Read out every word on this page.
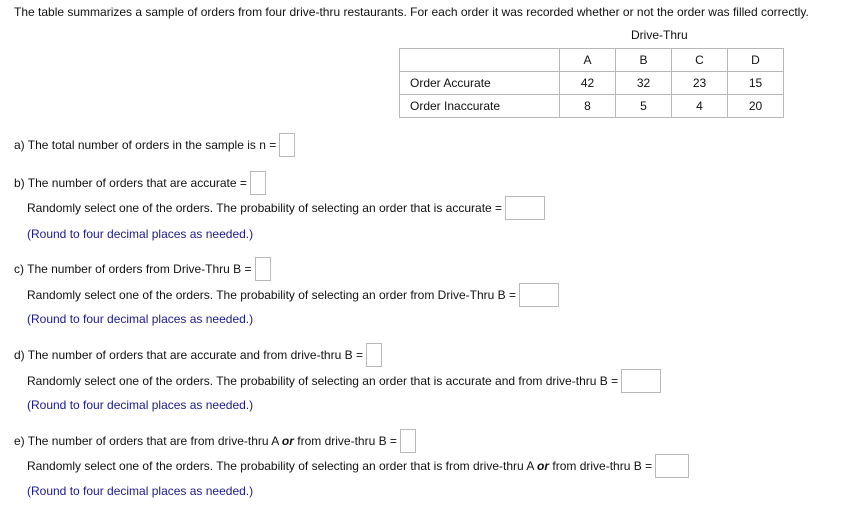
The table summarizes a sample of orders from four drive-thru restaurants. For each order it was recorded whether or not the order was filled correctly.
Drive-Thru
	A	B	C	D
Order Accurate	42	32	23	15
Order Inaccurate	8	5	4	20
a) The total number of orders in the sample is n =
b) The number of orders that are accurate =
Randomly select one of the orders. The probability of selecting an order that is accurate =
(Round to four decimal places as needed.)
c) The number of orders from Drive-Thru B =
Randomly select one of the orders. The probability of selecting an order from Drive-Thru B =
(Round to four decimal places as needed.)
d) The number of orders that are accurate and from drive-thru B =
Randomly select one of the orders. The probability of selecting an order that is accurate and from drive-thru B =
(Round to four decimal places as needed.)
e) The number of orders that are from drive-thru A or from drive-thru B =
Randomly select one of the orders. The probability of selecting an order that is from drive-thru A or from drive-thru B =
(Round to four decimal places as needed.)
